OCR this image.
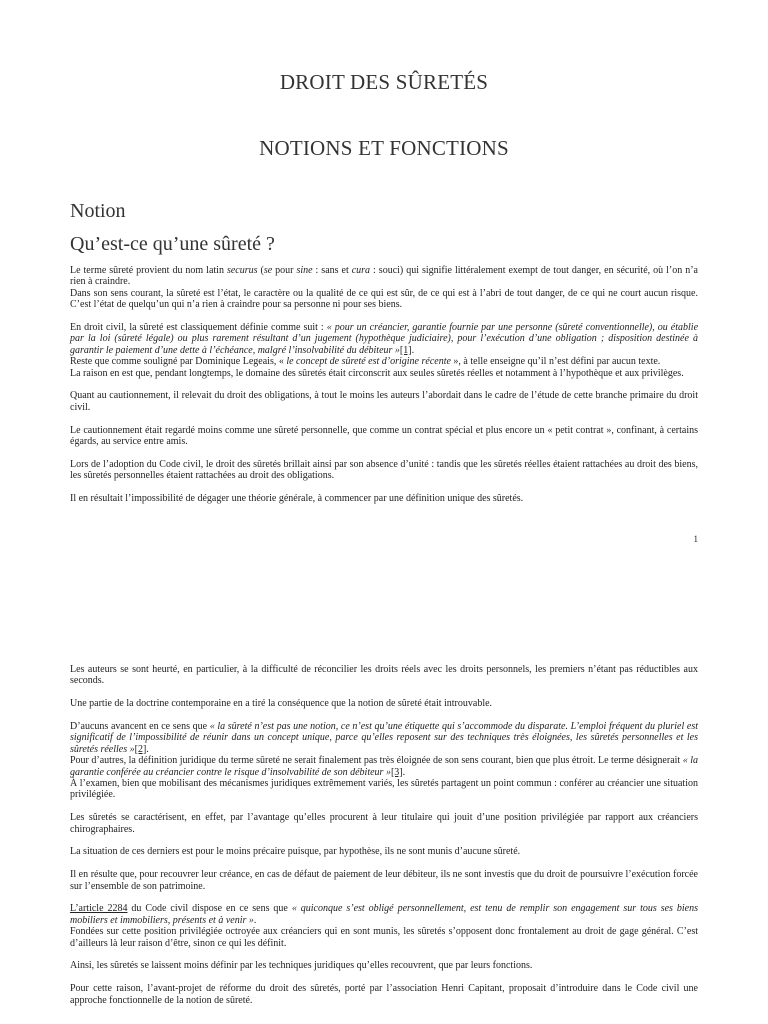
DROIT DES SÛRETÉS
NOTIONS ET FONCTIONS
Notion
Qu’est-ce qu’une sûreté ?

Le terme sûreté provient du nom latin securus (se pour sine : sans et cura : souci) qui signifie littéralement exempt de tout danger, en sécurité, où l’on n’a rien à craindre.

Dans son sens courant, la sûreté est l’état, le caractère ou la qualité de ce qui est sûr, de ce qui est à l’abri de tout danger, de ce qui ne court aucun risque. C’est l’état de quelqu’un qui n’a rien à craindre pour sa personne ni pour ses biens.

En droit civil, la sûreté est classiquement définie comme suit : « pour un créancier, garantie fournie par une personne (sûreté conventionnelle), ou établie par la loi (sûreté légale) ou plus rarement résultant d’un jugement (hypothèque judiciaire), pour l’exécution d’une obligation ; disposition destinée à garantir le paiement d’une dette à l’échéance, malgré l’insolvabilité du débiteur »[1].

Reste que comme souligné par Dominique Legeais, « le concept de sûreté est d’origine récente », à telle enseigne qu’il n’est défini par aucun texte.

La raison en est que, pendant longtemps, le domaine des sûretés était circonscrit aux seules sûretés réelles et notamment à l’hypothèque et aux privilèges.

Quant au cautionnement, il relevait du droit des obligations, à tout le moins les auteurs l’abordait dans le cadre de l’étude de cette branche primaire du droit civil.

Le cautionnement était regardé moins comme une sûreté personnelle, que comme un contrat spécial et plus encore un « petit contrat », confinant, à certains égards, au service entre amis.

Lors de l’adoption du Code civil, le droit des sûretés brillait ainsi par son absence d’unité : tandis que les sûretés réelles étaient rattachées au droit des biens, les sûretés personnelles étaient rattachées au droit des obligations.

Il en résultait l’impossibilité de dégager une théorie générale, à commencer par une définition unique des sûretés.

1

Les auteurs se sont heurté, en particulier, à la difficulté de réconcilier les droits réels avec les droits personnels, les premiers n’étant pas réductibles aux seconds.

Une partie de la doctrine contemporaine en a tiré la conséquence que la notion de sûreté était introuvable.

D’aucuns avancent en ce sens que « la sûreté n’est pas une notion, ce n’est qu’une étiquette qui s’accommode du disparate. L’emploi fréquent du pluriel est significatif de l’impossibilité de réunir dans un concept unique, parce qu’elles reposent sur des techniques très éloignées, les sûretés personnelles et les sûretés réelles »[2].

Pour d’autres, la définition juridique du terme sûreté ne serait finalement pas très éloignée de son sens courant, bien que plus étroit. Le terme désignerait « la garantie conférée au créancier contre le risque d’insolvabilité de son débiteur »[3].

À l’examen, bien que mobilisant des mécanismes juridiques extrêmement variés, les sûretés partagent un point commun : conférer au créancier une situation privilégiée.

Les sûretés se caractérisent, en effet, par l’avantage qu’elles procurent à leur titulaire qui jouit d’une position privilégiée par rapport aux créanciers chirographaires.

La situation de ces derniers est pour le moins précaire puisque, par hypothèse, ils ne sont munis d’aucune sûreté.

Il en résulte que, pour recouvrer leur créance, en cas de défaut de paiement de leur débiteur, ils ne sont investis que du droit de poursuivre l’exécution forcée sur l’ensemble de son patrimoine.

L’article 2284 du Code civil dispose en ce sens que « quiconque s’est obligé personnellement, est tenu de remplir son engagement sur tous ses biens mobiliers et immobiliers, présents et à venir ».

Fondées sur cette position privilégiée octroyée aux créanciers qui en sont munis, les sûretés s’opposent donc frontalement au droit de gage général. C’est d’ailleurs là leur raison d’être, sinon ce qui les définit.

Ainsi, les sûretés se laissent moins définir par les techniques juridiques qu’elles recouvrent, que par leurs fonctions.

Pour cette raison, l’avant-projet de réforme du droit des sûretés, porté par l’association Henri Capitant, proposait d’introduire dans le Code civil une approche fonctionnelle de la notion de sûreté.
